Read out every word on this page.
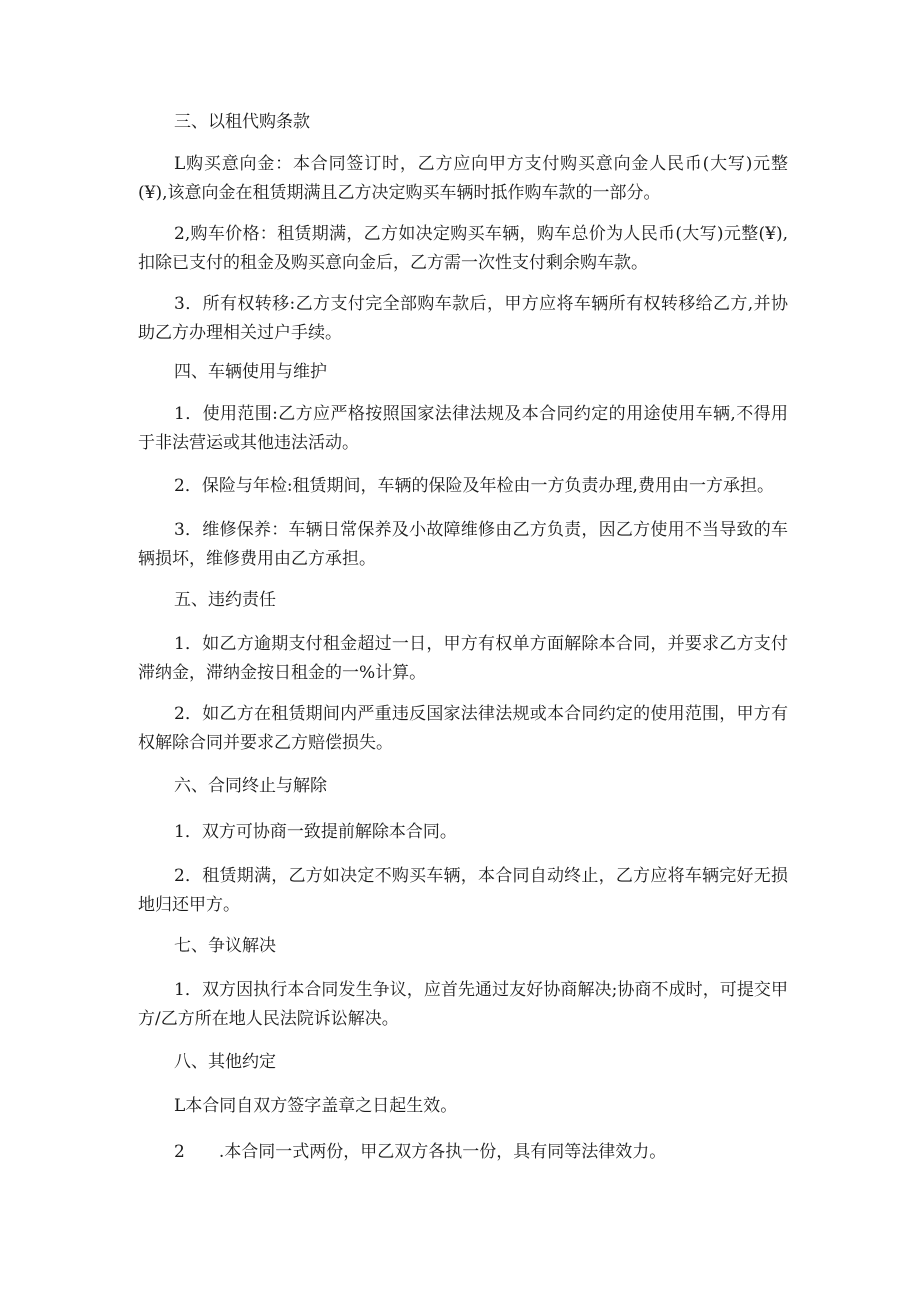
三、以租代购条款

L购买意向金：本合同签订时，乙方应向甲方支付购买意向金人民币(大写)元整(¥),该意向金在租赁期满且乙方决定购买车辆时抵作购车款的一部分。

2,购车价格：租赁期满，乙方如决定购买车辆，购车总价为人民币(大写)元整(¥),扣除已支付的租金及购买意向金后，乙方需一次性支付剩余购车款。

3．所有权转移:乙方支付完全部购车款后，甲方应将车辆所有权转移给乙方,并协助乙方办理相关过户手续。

四、车辆使用与维护

1．使用范围:乙方应严格按照国家法律法规及本合同约定的用途使用车辆,不得用于非法营运或其他违法活动。

2．保险与年检:租赁期间，车辆的保险及年检由一方负责办理,费用由一方承担。

3．维修保养：车辆日常保养及小故障维修由乙方负责，因乙方使用不当导致的车辆损坏，维修费用由乙方承担。

五、违约责任

1．如乙方逾期支付租金超过一日，甲方有权单方面解除本合同，并要求乙方支付滞纳金，滞纳金按日租金的一%计算。

2．如乙方在租赁期间内严重违反国家法律法规或本合同约定的使用范围，甲方有权解除合同并要求乙方赔偿损失。

六、合同终止与解除

1．双方可协商一致提前解除本合同。

2．租赁期满，乙方如决定不购买车辆，本合同自动终止，乙方应将车辆完好无损地归还甲方。

七、争议解决

1．双方因执行本合同发生争议，应首先通过友好协商解决;协商不成时，可提交甲方/乙方所在地人民法院诉讼解决。

八、其他约定

L本合同自双方签字盖章之日起生效。

2　　.本合同一式两份，甲乙双方各执一份，具有同等法律效力。
